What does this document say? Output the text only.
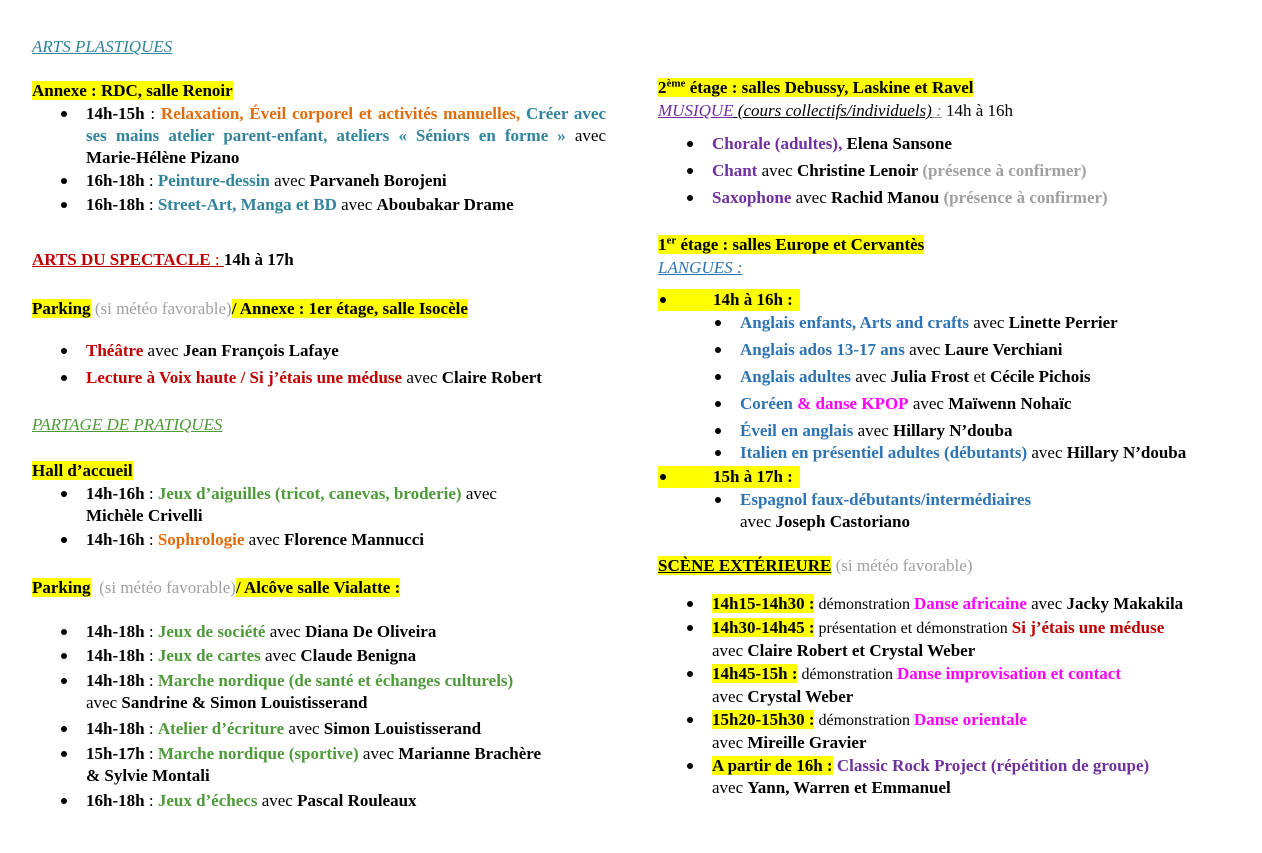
ARTS PLASTIQUES
Annexe : RDC, salle Renoir
14h-15h : Relaxation, Éveil corporel et activités manuelles, Créer avec ses mains atelier parent-enfant, ateliers « Séniors en forme » avec Marie-Hélène Pizano
16h-18h : Peinture-dessin avec Parvaneh Borojeni
16h-18h : Street-Art, Manga et BD avec Aboubakar Drame
ARTS DU SPECTACLE : 14h à 17h
Parking (si météo favorable)/ Annexe : 1er étage, salle Isocèle
Théâtre avec Jean François Lafaye
Lecture à Voix haute / Si j’étais une méduse avec Claire Robert
PARTAGE DE PRATIQUES
Hall d’accueil
14h-16h : Jeux d’aiguilles (tricot, canevas, broderie) avec
Michèle Crivelli
14h-16h : Sophrologie avec Florence Mannucci
Parking  (si météo favorable)/ Alcôve salle Vialatte :
14h-18h : Jeux de société avec Diana De Oliveira
14h-18h : Jeux de cartes avec Claude Benigna
14h-18h : Marche nordique (de santé et échanges culturels)
avec Sandrine & Simon Louistisserand
14h-18h : Atelier d’écriture avec Simon Louistisserand
15h-17h : Marche nordique (sportive) avec Marianne Brachère
& Sylvie Montali
16h-18h : Jeux d’échecs avec Pascal Rouleaux
2ème étage : salles Debussy, Laskine et Ravel
MUSIQUE (cours collectifs/individuels) : 14h à 16h
Chorale (adultes), Elena Sansone
Chant avec Christine Lenoir (présence à confirmer)
Saxophone avec Rachid Manou (présence à confirmer)
1er étage : salles Europe et Cervantès
LANGUES :
14h à 16h :
Anglais enfants, Arts and crafts avec Linette Perrier
Anglais ados 13-17 ans avec Laure Verchiani
Anglais adultes avec Julia Frost et Cécile Pichois
Coréen & danse KPOP avec Maïwenn Nohaïc
Éveil en anglais avec Hillary N’douba
Italien en présentiel adultes (débutants) avec Hillary N’douba
15h à 17h :
Espagnol faux-débutants/intermédiaires
avec Joseph Castoriano
SCÈNE EXTÉRIEURE (si météo favorable)
14h15-14h30 : démonstration Danse africaine avec Jacky Makakila
14h30-14h45 : présentation et démonstration Si j’étais une méduse
avec Claire Robert et Crystal Weber
14h45-15h : démonstration Danse improvisation et contact
avec Crystal Weber
15h20-15h30 : démonstration Danse orientale
avec Mireille Gravier
A partir de 16h : Classic Rock Project (répétition de groupe)
avec Yann, Warren et Emmanuel
